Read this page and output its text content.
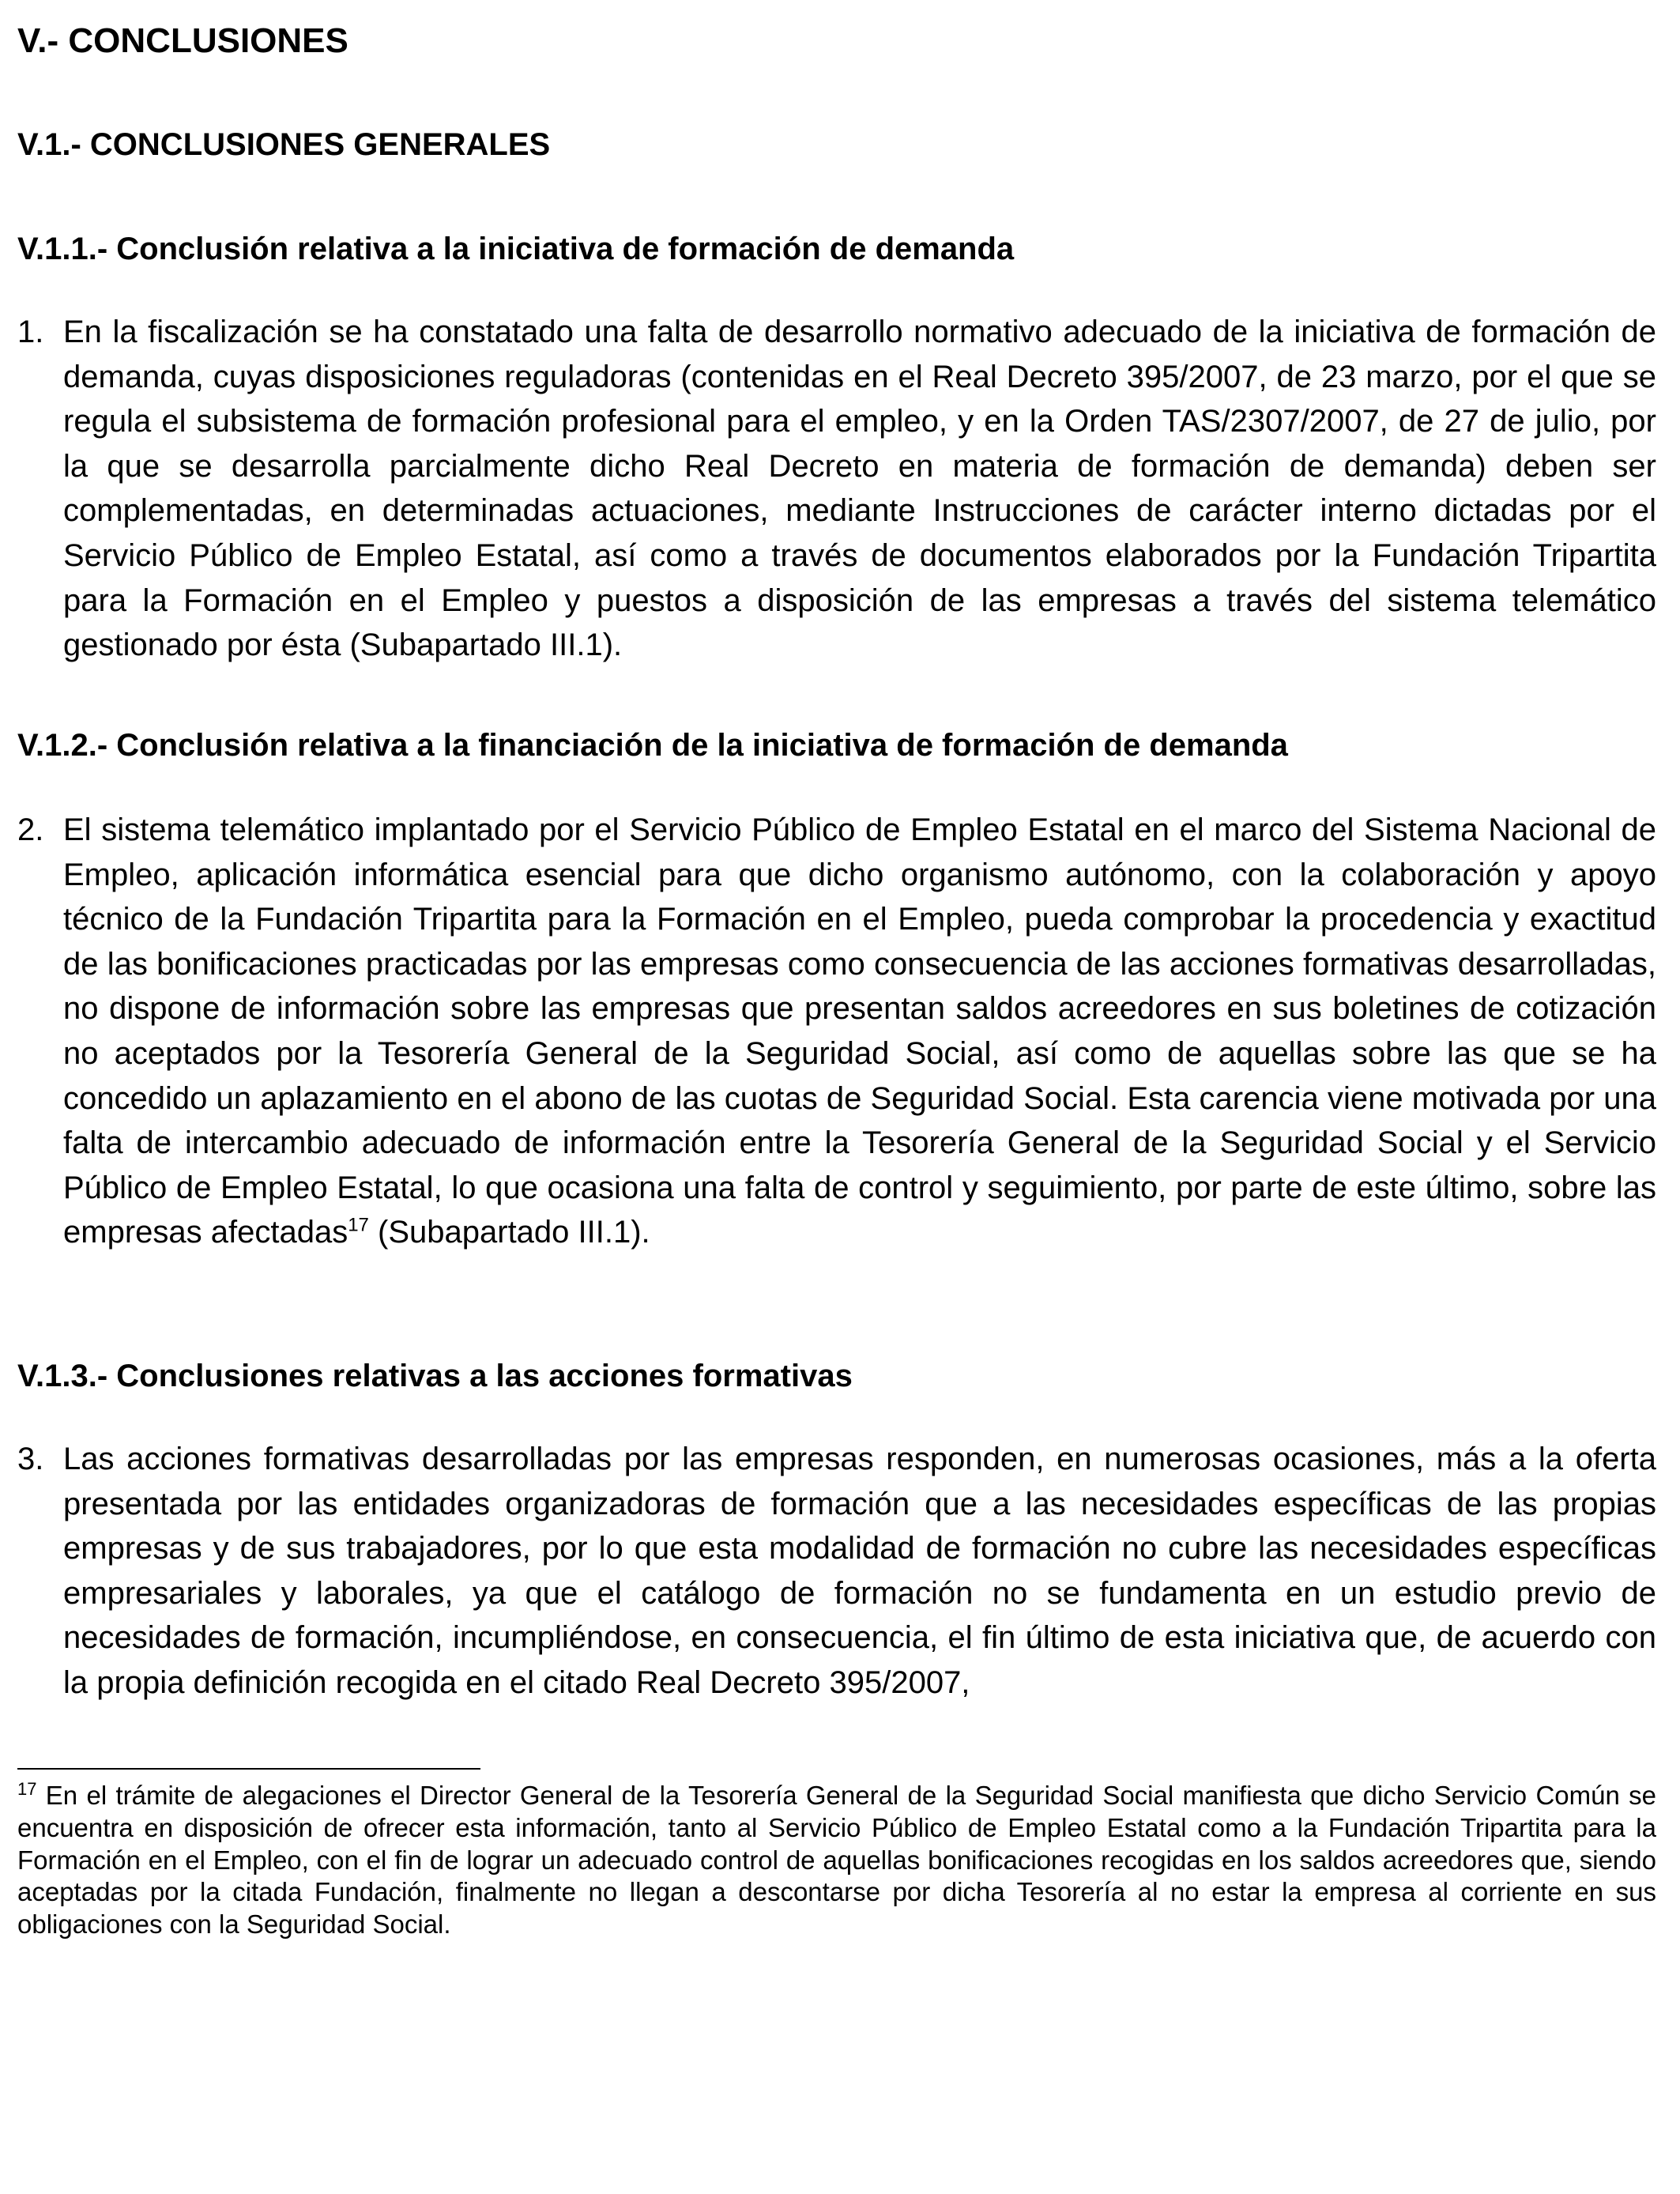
V.- CONCLUSIONES
V.1.- CONCLUSIONES GENERALES
V.1.1.- Conclusión relativa a la iniciativa de formación de demanda
1. En la fiscalización se ha constatado una falta de desarrollo normativo adecuado de la iniciativa de formación de demanda, cuyas disposiciones reguladoras (contenidas en el Real Decreto 395/2007, de 23 marzo, por el que se regula el subsistema de formación profesional para el empleo, y en la Orden TAS/2307/2007, de 27 de julio, por la que se desarrolla parcialmente dicho Real Decreto en materia de formación de demanda) deben ser complementadas, en determinadas actuaciones, mediante Instrucciones de carácter interno dictadas por el Servicio Público de Empleo Estatal, así como a través de documentos elaborados por la Fundación Tripartita para la Formación en el Empleo y puestos a disposición de las empresas a través del sistema telemático gestionado por ésta (Subapartado III.1).

V.1.2.- Conclusión relativa a la financiación de la iniciativa de formación de demanda
2. El sistema telemático implantado por el Servicio Público de Empleo Estatal en el marco del Sistema Nacional de Empleo, aplicación informática esencial para que dicho organismo autónomo, con la colaboración y apoyo técnico de la Fundación Tripartita para la Formación en el Empleo, pueda comprobar la procedencia y exactitud de las bonificaciones practicadas por las empresas como consecuencia de las acciones formativas desarrolladas, no dispone de información sobre las empresas que presentan saldos acreedores en sus boletines de cotización no aceptados por la Tesorería General de la Seguridad Social, así como de aquellas sobre las que se ha concedido un aplazamiento en el abono de las cuotas de Seguridad Social. Esta carencia viene motivada por una falta de intercambio adecuado de información entre la Tesorería General de la Seguridad Social y el Servicio Público de Empleo Estatal, lo que ocasiona una falta de control y seguimiento, por parte de este último, sobre las empresas afectadas$^{17}$ (Subapartado III.1).

V.1.3.- Conclusiones relativas a las acciones formativas
3. Las acciones formativas desarrolladas por las empresas responden, en numerosas ocasiones, más a la oferta presentada por las entidades organizadoras de formación que a las necesidades específicas de las propias empresas y de sus trabajadores, por lo que esta modalidad de formación no cubre las necesidades específicas empresariales y laborales, ya que el catálogo de formación no se fundamenta en un estudio previo de necesidades de formación, incumpliéndose, en consecuencia, el fin último de esta iniciativa que, de acuerdo con la propia definición recogida en el citado Real Decreto 395/2007,

$^{17}$ En el trámite de alegaciones el Director General de la Tesorería General de la Seguridad Social manifiesta que dicho Servicio Común se encuentra en disposición de ofrecer esta información, tanto al Servicio Público de Empleo Estatal como a la Fundación Tripartita para la Formación en el Empleo, con el fin de lograr un adecuado control de aquellas bonificaciones recogidas en los saldos acreedores que, siendo aceptadas por la citada Fundación, finalmente no llegan a descontarse por dicha Tesorería al no estar la empresa al corriente en sus obligaciones con la Seguridad Social.
